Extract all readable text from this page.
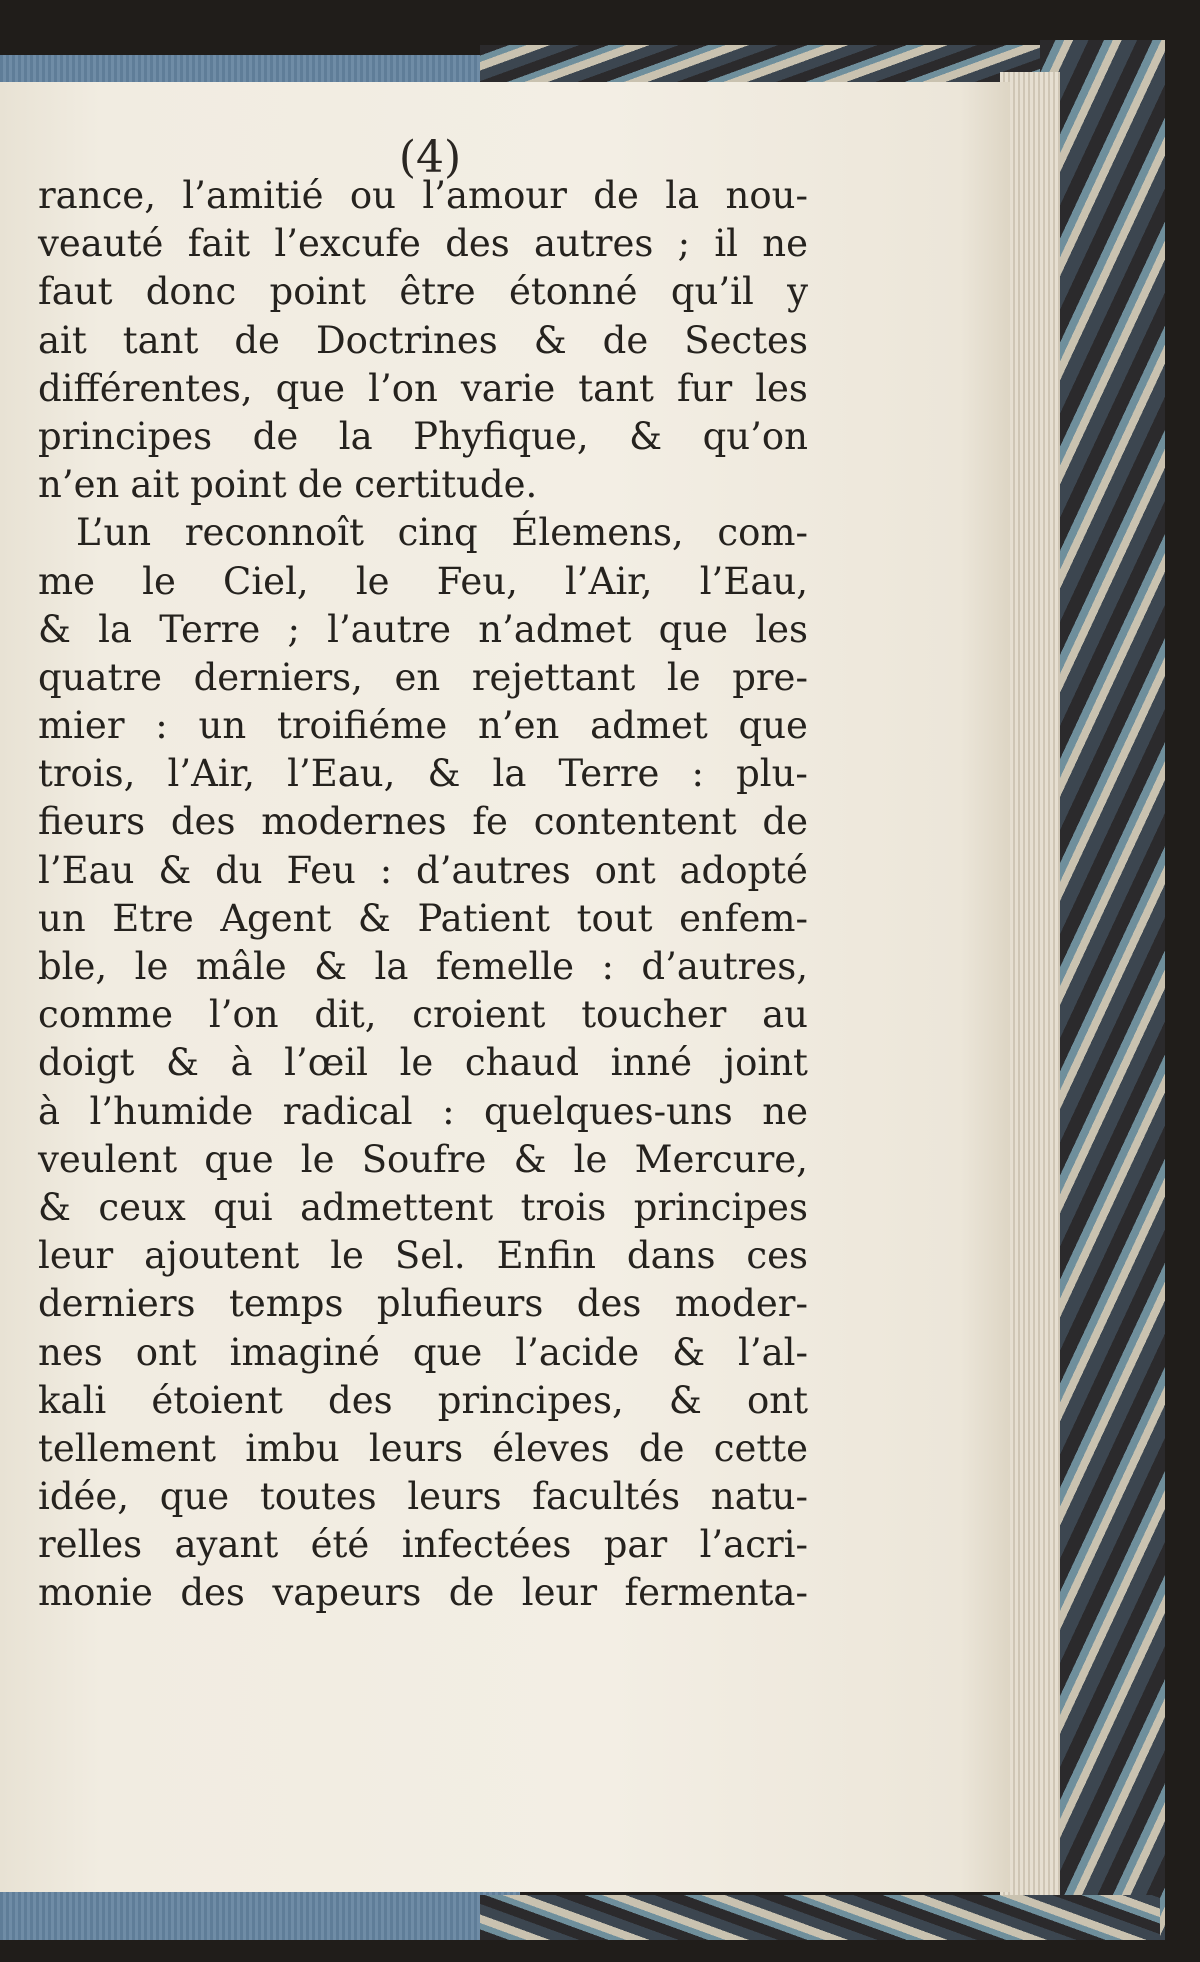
(4)
rance, l’amitié ou l’amour de la nou-
veauté fait l’excufe des autres ; il ne
faut donc point être étonné qu’il y
ait tant de Doctrines & de Sectes
différentes, que l’on varie tant fur les
principes de la Phyfique, & qu’on
n’en ait point de certitude.
L’un reconnoît cinq Élemens, com-
me le Ciel, le Feu, l’Air, l’Eau,
& la Terre ; l’autre n’admet que les
quatre derniers, en rejettant le pre-
mier : un troifiéme n’en admet que
trois, l’Air, l’Eau, & la Terre : plu-
fieurs des modernes fe contentent de
l’Eau & du Feu : d’autres ont adopté
un Etre Agent & Patient tout enfem-
ble, le mâle & la femelle : d’autres,
comme l’on dit, croient toucher au
doigt & à l’œil le chaud inné joint
à l’humide radical : quelques-uns ne
veulent que le Soufre & le Mercure,
& ceux qui admettent trois principes
leur ajoutent le Sel. Enfin dans ces
derniers temps plufieurs des moder-
nes ont imaginé que l’acide & l’al-
kali étoient des principes, & ont
tellement imbu leurs éleves de cette
idée, que toutes leurs facultés natu-
relles ayant été infectées par l’acri-
monie des vapeurs de leur fermenta-
